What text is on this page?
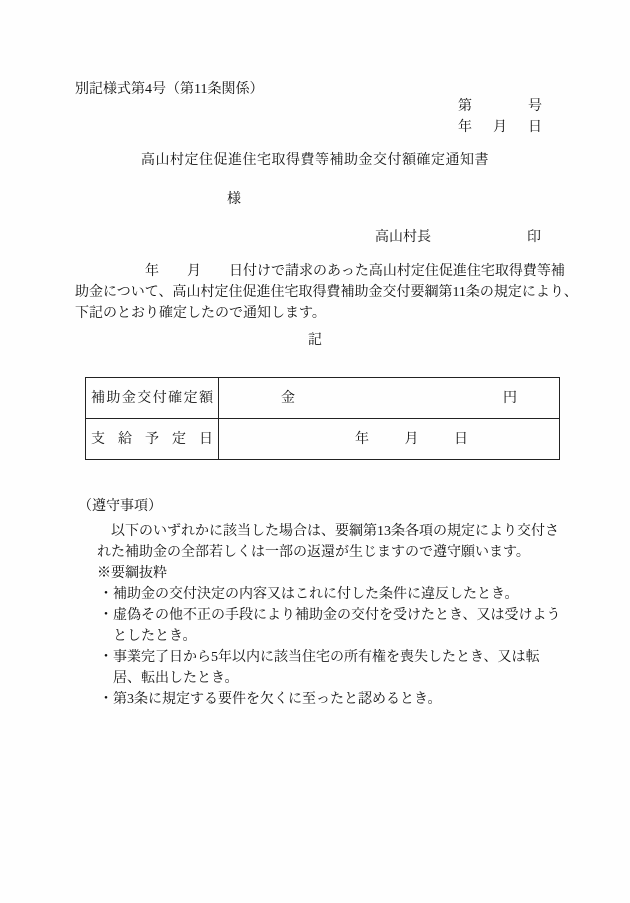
別記様式第4号（第11条関係）
第	号
年 月 日
高山村定住促進住宅取得費等補助金交付額確定通知書
様
高山村長	印
　　　　　年　　月　　日付けで請求のあった高山村定住促進住宅取得費等補
助金について、高山村定住促進住宅取得費補助金交付要綱第11条の規定により、
下記のとおり確定したので通知します。
記
補助金交付確定額	金 円

支給予定日	年 月 日
（遵守事項）
　以下のいずれかに該当した場合は、要綱第13条各項の規定により交付さ
れた補助金の全部若しくは一部の返還が生じますので遵守願います。
※要綱抜粋
・補助金の交付決定の内容又はこれに付した条件に違反したとき。
・虚偽その他不正の手段により補助金の交付を受けたとき、又は受けようとしたとき。
・事業完了日から5年以内に該当住宅の所有権を喪失したとき、又は転居、転出したとき。
・第3条に規定する要件を欠くに至ったと認めるとき。
